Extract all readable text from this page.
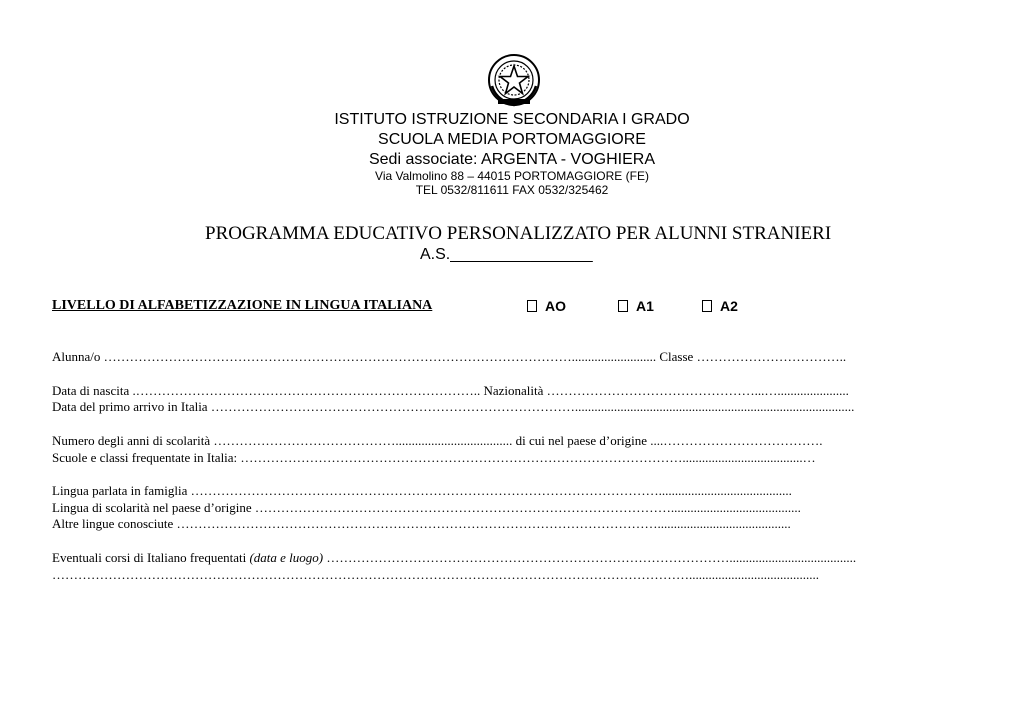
ISTITUTO ISTRUZIONE SECONDARIA I GRADO
SCUOLA MEDIA PORTOMAGGIORE
Sedi associate: ARGENTA - VOGHIERA
Via Valmolino 88 – 44015 PORTOMAGGIORE (FE)
TEL 0532/811611 FAX 0532/325462
PROGRAMMA EDUCATIVO PERSONALIZZATO PER ALUNNI STRANIERI
A.S.________________
LIVELLO DI ALFABETIZZAZIONE IN LINGUA ITALIANA	AO	A1	A2
Alunna/o ……………………………………………………………………………………………….......................... Classe ……………………………..
Data di nascita .…………………………………………………………………….. Nazionalità …………………………………………...…......................
Data del primo arrivo in Italia …………………………………………………………………………......................................................................................
Numero degli anni di scolarità …………………………………….................................... di cui nel paese d’origine ....……………………………….
Scuole e classi frequentate in Italia: ………………………………………………………………………………………….....................................…
Lingua parlata in famiglia ……………………………………………………………………………………………….........................................
Lingua di scolarità nel paese d’origine ……………………………………………………………………………………........................................
Altre lingue conosciute ………………………………………………………………………………………………….........................................
Eventuali corsi di Italiano frequentati (data e luogo) ………………………………………………………………………………….......................................
…………………………………………………………………………………………………………………………………........................................
